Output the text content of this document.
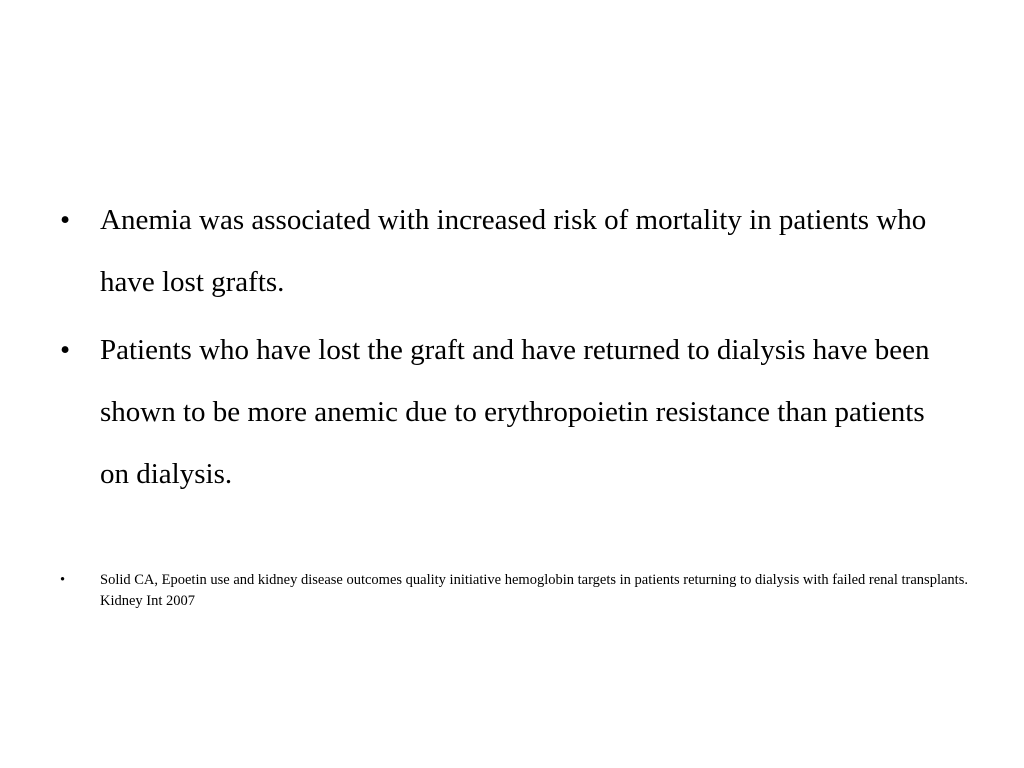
•	Anemia was associated with increased risk of mortality in patients who have lost grafts.
•	Patients who have lost the graft and have returned to dialysis have been shown to be more anemic due to erythropoietin resistance than patients on dialysis.
•	Solid CA, Epoetin use and kidney disease outcomes quality initiative hemoglobin targets in patients returning to dialysis with failed renal transplants. Kidney Int 2007
